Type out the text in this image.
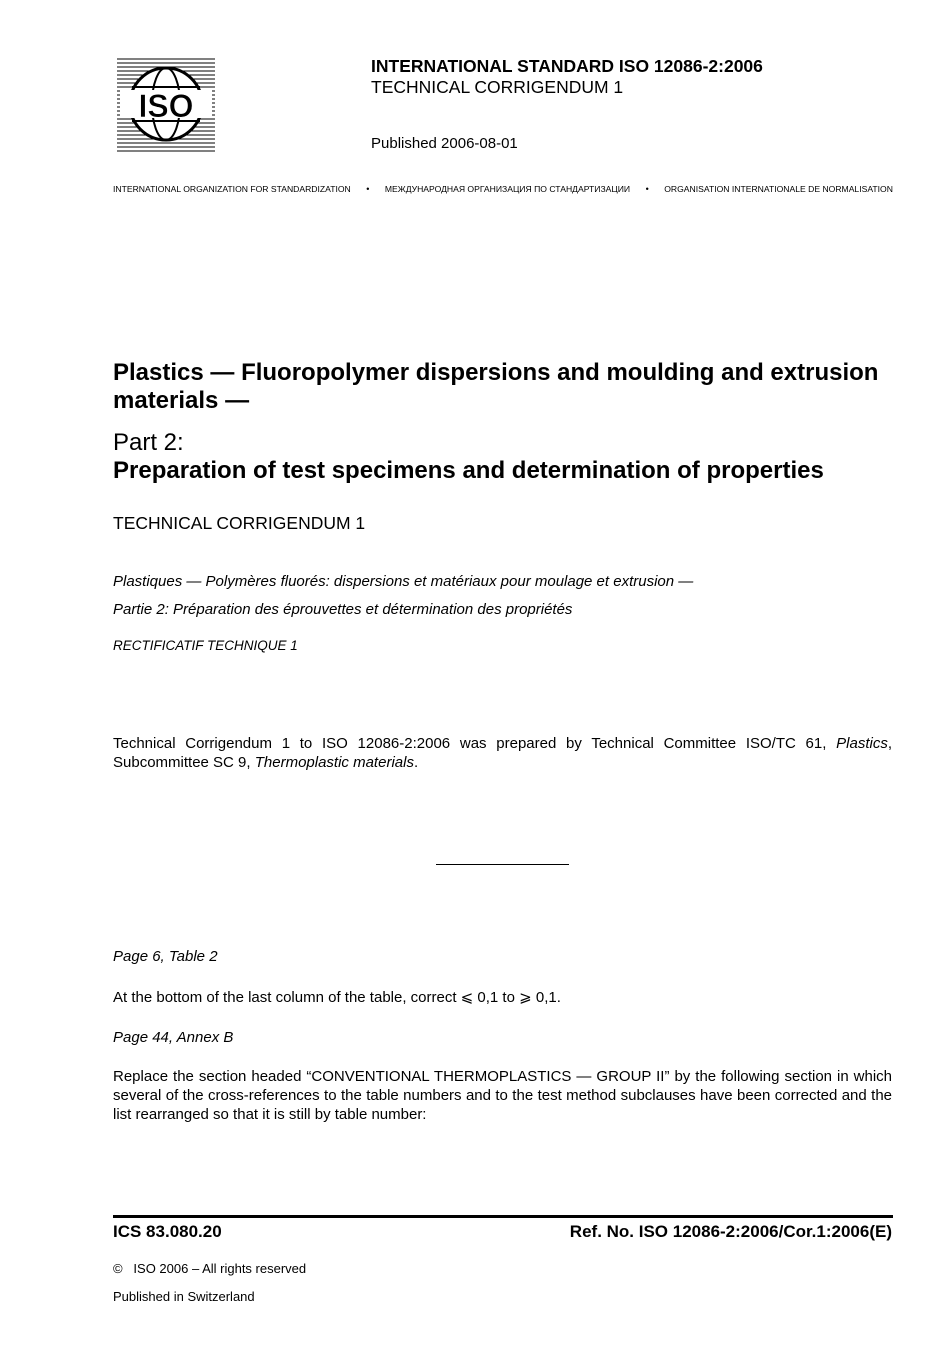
ISO
INTERNATIONAL STANDARD ISO 12086-2:2006
TECHNICAL CORRIGENDUM 1
Published 2006-08-01
INTERNATIONAL ORGANIZATION FOR STANDARDIZATION • МЕЖДУНАРОДНАЯ ОРГАНИЗАЦИЯ ПО СТАНДАРТИЗАЦИИ • ORGANISATION INTERNATIONALE DE NORMALISATION
Plastics — Fluoropolymer dispersions and moulding and extrusion materials —
Part 2:
Preparation of test specimens and determination of properties
TECHNICAL CORRIGENDUM 1
Plastiques — Polymères fluorés: dispersions et matériaux pour moulage et extrusion —
Partie 2: Préparation des éprouvettes et détermination des propriétés
RECTIFICATIF TECHNIQUE 1
Technical Corrigendum 1 to ISO 12086-2:2006 was prepared by Technical Committee ISO/TC 61, Plastics, Subcommittee SC 9, Thermoplastic materials.
Page 6, Table 2
At the bottom of the last column of the table, correct ⩽ 0,1 to ⩾ 0,1.
Page 44, Annex B
Replace the section headed “CONVENTIONAL THERMOPLASTICS — GROUP II” by the following section in which several of the cross-references to the table numbers and to the test method subclauses have been corrected and the list rearranged so that it is still by table number:
ICS 83.080.20	Ref. No. ISO 12086-2:2006/Cor.1:2006(E)
©   ISO 2006 – All rights reserved
Published in Switzerland
